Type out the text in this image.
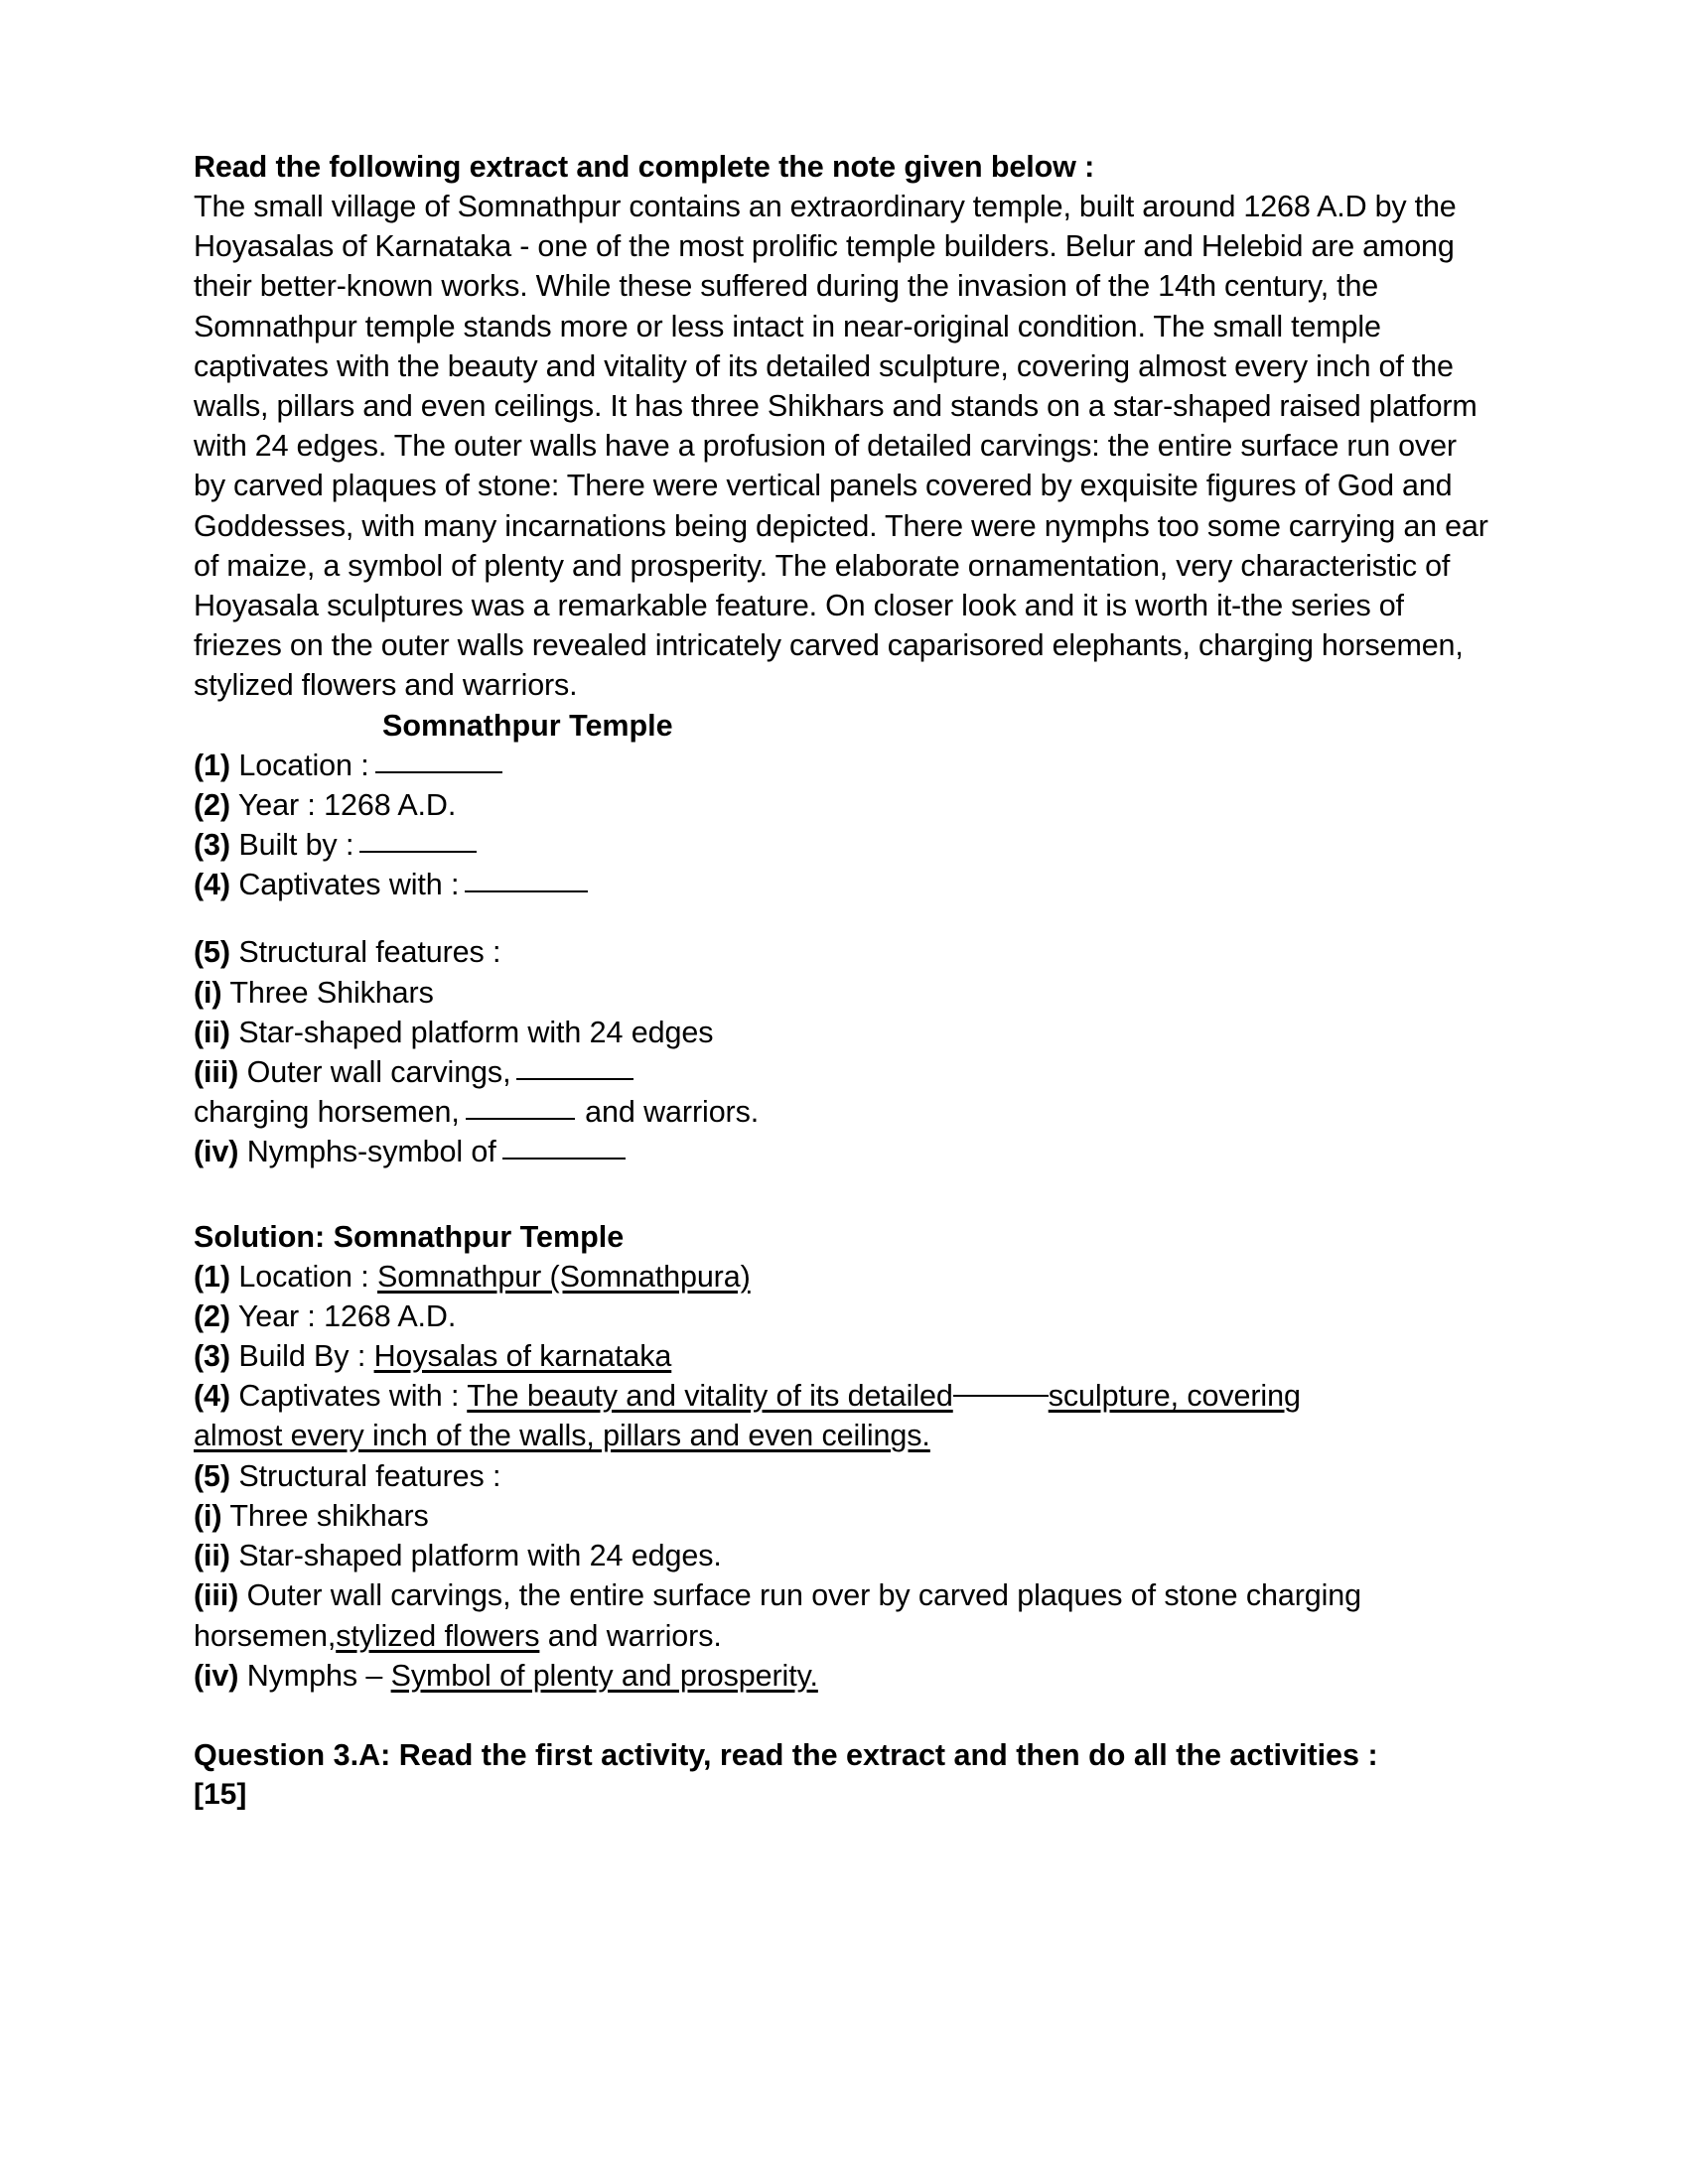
Read the following extract and complete the note given below :
The small village of Somnathpur contains an extraordinary temple, built around 1268 A.D by the Hoyasalas of Karnataka - one of the most prolific temple builders. Belur and Helebid are among their better-known works. While these suffered during the invasion of the 14th century, the Somnathpur temple stands more or less intact in near-original condition. The small temple captivates with the beauty and vitality of its detailed sculpture, covering almost every inch of the walls, pillars and even ceilings. It has three Shikhars and stands on a star-shaped raised platform with 24 edges. The outer walls have a profusion of detailed carvings: the entire surface run over by carved plaques of stone: There were vertical panels covered by exquisite figures of God and Goddesses, with many incarnations being depicted. There were nymphs too some carrying an ear of maize, a symbol of plenty and prosperity. The elaborate ornamentation, very characteristic of Hoyasala sculptures was a remarkable feature. On closer look and it is worth it-the series of friezes on the outer walls revealed intricately carved caparisored elephants, charging horsemen, stylized flowers and warriors.
Somnathpur Temple
(1) Location :
(2) Year : 1268 A.D.
(3) Built by :
(4) Captivates with :
(5) Structural features :
(i) Three Shikhars
(ii) Star-shaped platform with 24 edges
(iii) Outer wall carvings,
charging horsemen,	and warriors.
(iv) Nymphs-symbol of
Solution: Somnathpur Temple
(1) Location : Somnathpur (Somnathpura)
(2) Year : 1268 A.D.
(3) Build By : Hoysalas of karnataka
(4) Captivates with : The beauty and vitality of its detailed	sculpture, covering
almost every inch of the walls, pillars and even ceilings.
(5) Structural features :
(i) Three shikhars
(ii) Star-shaped platform with 24 edges.
(iii) Outer wall carvings, the entire surface run over by carved plaques of stone charging horsemen,stylized flowers and warriors.
(iv) Nymphs – Symbol of plenty and prosperity.
Question 3.A: Read the first activity, read the extract and then do all the activities :
[15]
